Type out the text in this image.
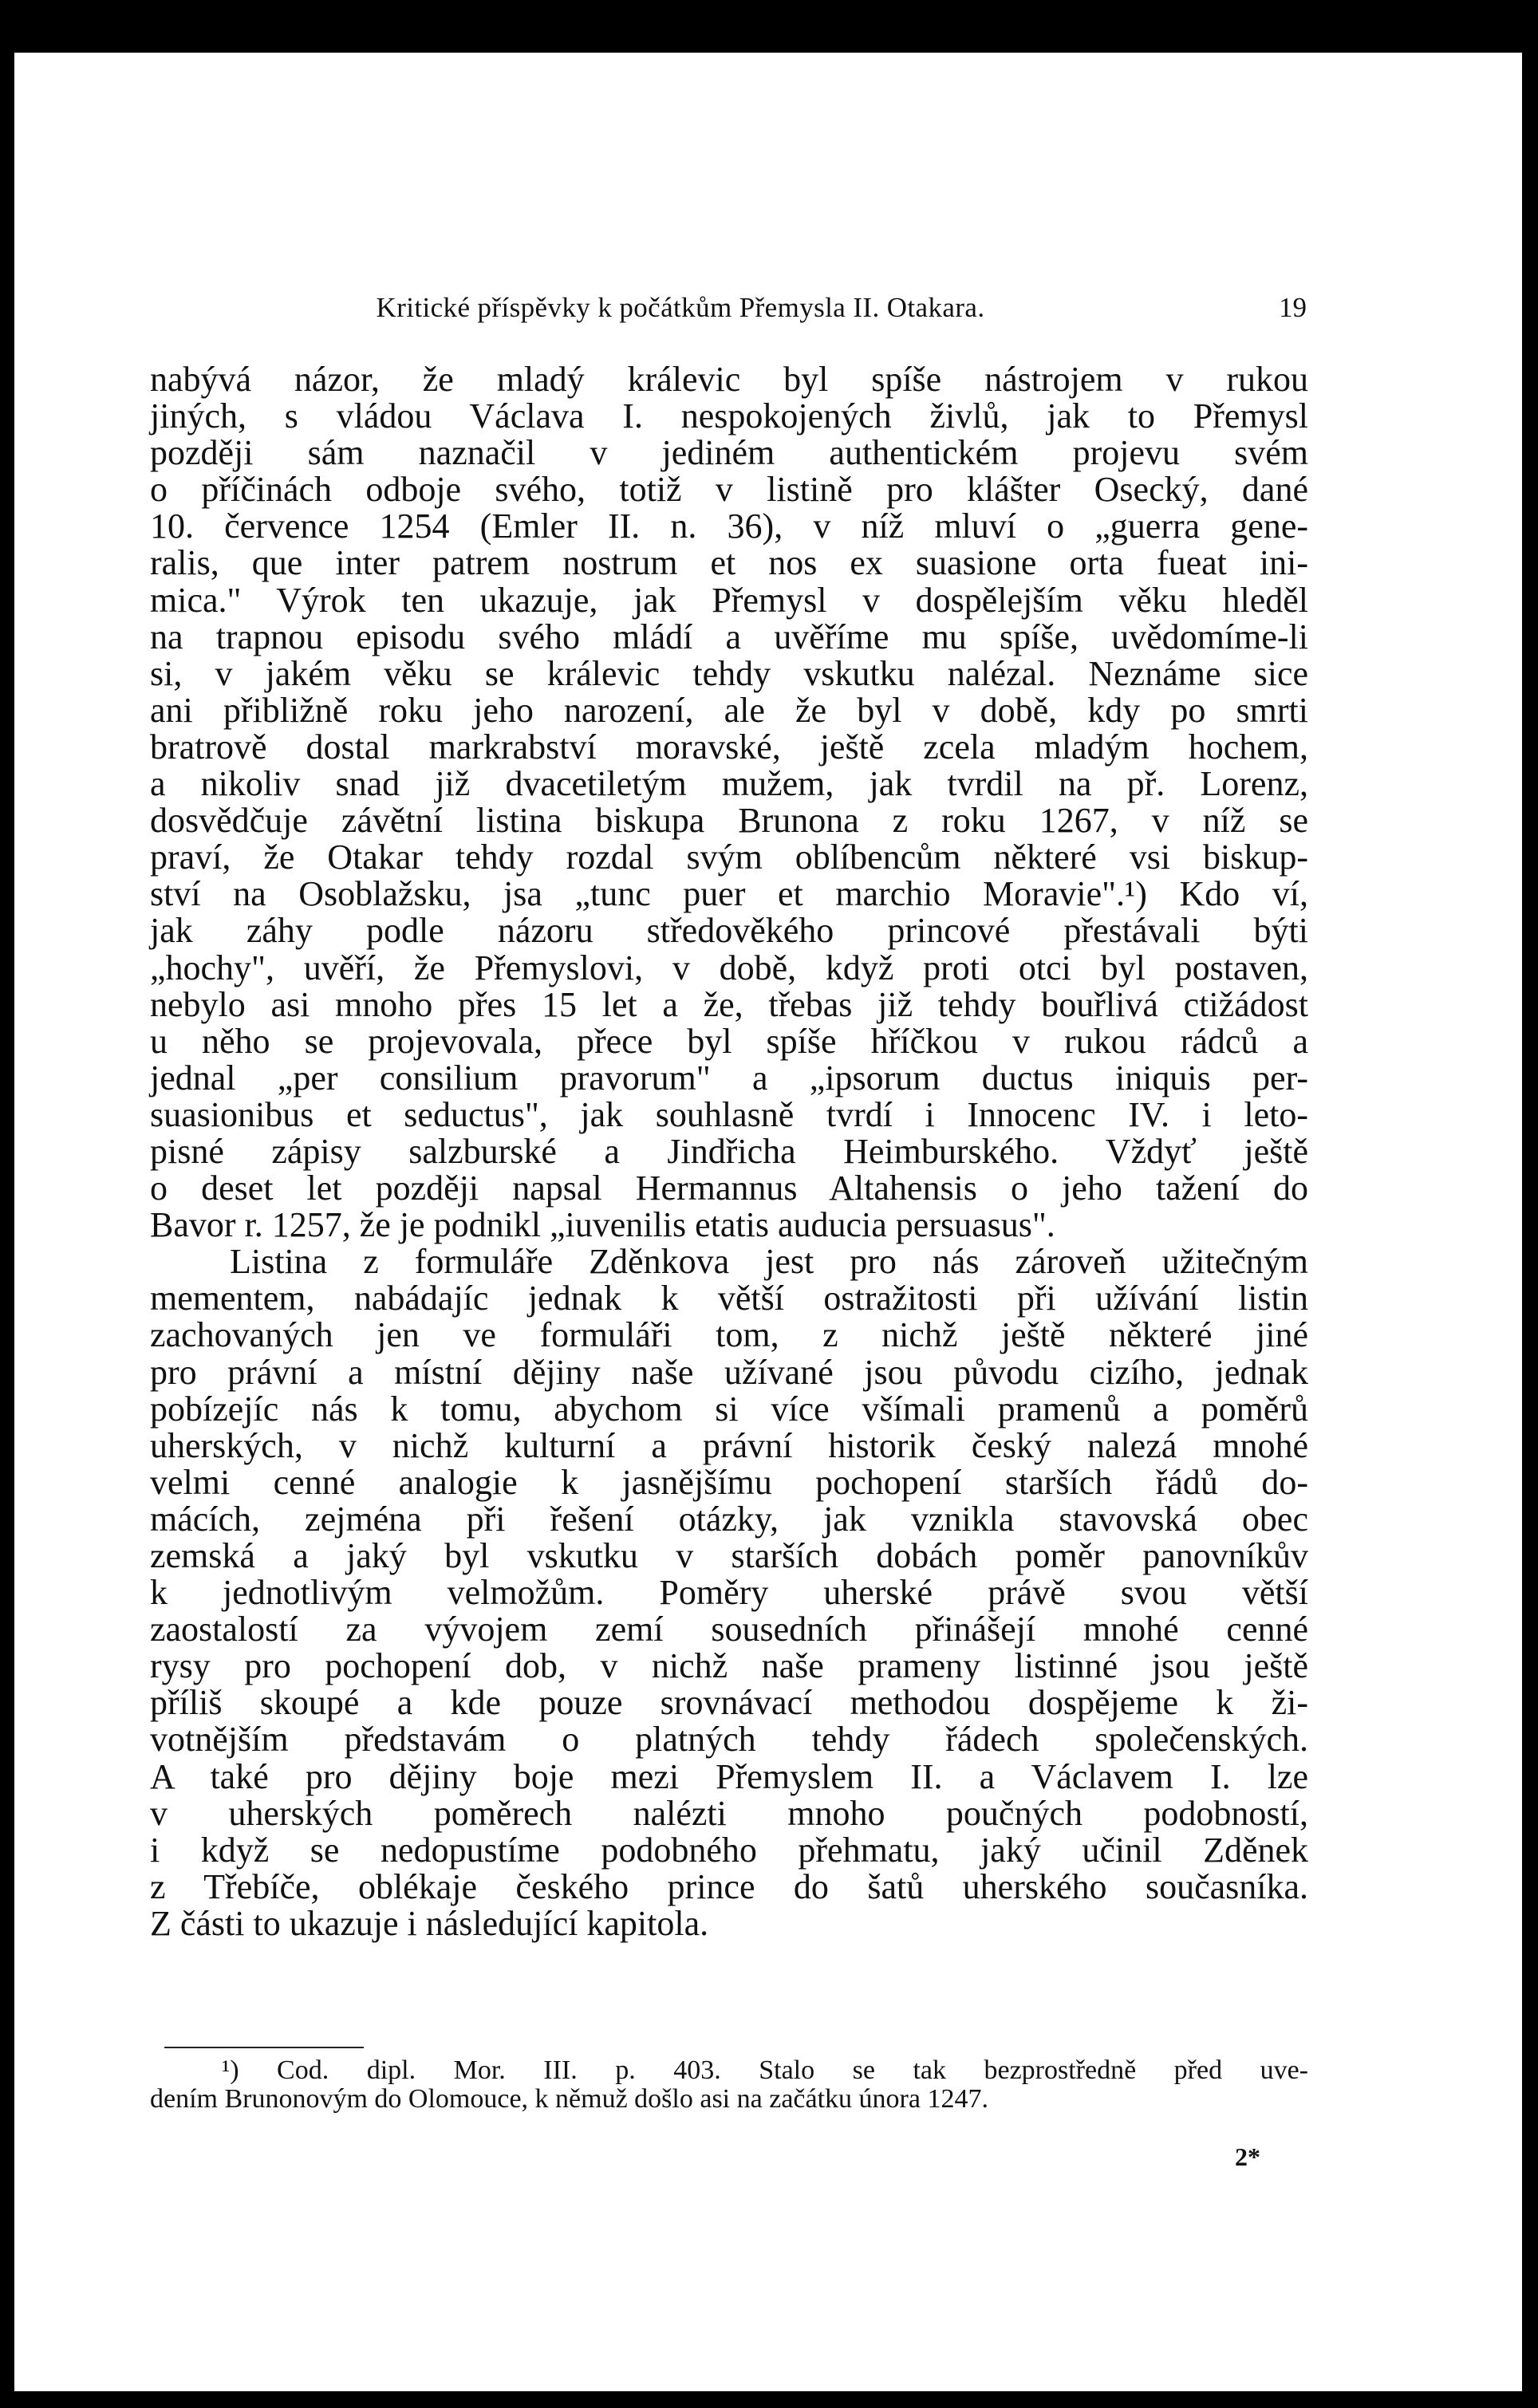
Kritické příspěvky k počátkům Přemysla II. Otakara.	19
nabývá názor, že mladý králevic byl spíše nástrojem v rukou
jiných, s vládou Václava I. nespokojených živlů, jak to Přemysl
později sám naznačil v jediném authentickém projevu svém
o příčinách odboje svého, totiž v listině pro klášter Osecký, dané
10. července 1254 (Emler II. n. 36), v níž mluví o „guerra gene-
ralis, que inter patrem nostrum et nos ex suasione orta fueat ini-
mica." Výrok ten ukazuje, jak Přemysl v dospělejším věku hleděl
na trapnou episodu svého mládí a uvěříme mu spíše, uvědomíme-li
si, v jakém věku se králevic tehdy vskutku nalézal. Neznáme sice
ani přibližně roku jeho narození, ale že byl v době, kdy po smrti
bratrově dostal markrabství moravské, ještě zcela mladým hochem,
a nikoliv snad již dvacetiletým mužem, jak tvrdil na př. Lorenz,
dosvědčuje závětní listina biskupa Brunona z roku 1267, v níž se
praví, že Otakar tehdy rozdal svým oblíbencům některé vsi biskup-
ství na Osoblažsku, jsa „tunc puer et marchio Moravie".¹) Kdo ví,
jak záhy podle názoru středověkého princové přestávali býti
„hochy", uvěří, že Přemyslovi, v době, když proti otci byl postaven,
nebylo asi mnoho přes 15 let a že, třebas již tehdy bouřlivá ctižádost
u něho se projevovala, přece byl spíše hříčkou v rukou rádců a
jednal „per consilium pravorum" a „ipsorum ductus iniquis per-
suasionibus et seductus", jak souhlasně tvrdí i Innocenc IV. i leto-
pisné zápisy salzburské a Jindřicha Heimburského. Vždyť ještě
o deset let později napsal Hermannus Altahensis o jeho tažení do
Bavor r. 1257, že je podnikl „iuvenilis etatis auducia persuasus".
Listina z formuláře Zděnkova jest pro nás zároveň užitečným
mementem, nabádajíc jednak k větší ostražitosti při užívání listin
zachovaných jen ve formuláři tom, z nichž ještě některé jiné
pro právní a místní dějiny naše užívané jsou původu cizího, jednak
pobízejíc nás k tomu, abychom si více všímali pramenů a poměrů
uherských, v nichž kulturní a právní historik český nalezá mnohé
velmi cenné analogie k jasnějšímu pochopení starších řádů do-
mácích, zejména při řešení otázky, jak vznikla stavovská obec
zemská a jaký byl vskutku v starších dobách poměr panovníkův
k jednotlivým velmožům. Poměry uherské právě svou větší
zaostalostí za vývojem zemí sousedních přinášejí mnohé cenné
rysy pro pochopení dob, v nichž naše prameny listinné jsou ještě
příliš skoupé a kde pouze srovnávací methodou dospějeme k ži-
votnějším představám o platných tehdy řádech společenských.
A také pro dějiny boje mezi Přemyslem II. a Václavem I. lze
v uherských poměrech nalézti mnoho poučných podobností,
i když se nedopustíme podobného přehmatu, jaký učinil Zděnek
z Třebíče, oblékaje českého prince do šatů uherského současníka.
Z části to ukazuje i následující kapitola.
¹) Cod. dipl. Mor. III. p. 403. Stalo se tak bezprostředně před uve-
dením Brunonovým do Olomouce, k němuž došlo asi na začátku února 1247.
2*
